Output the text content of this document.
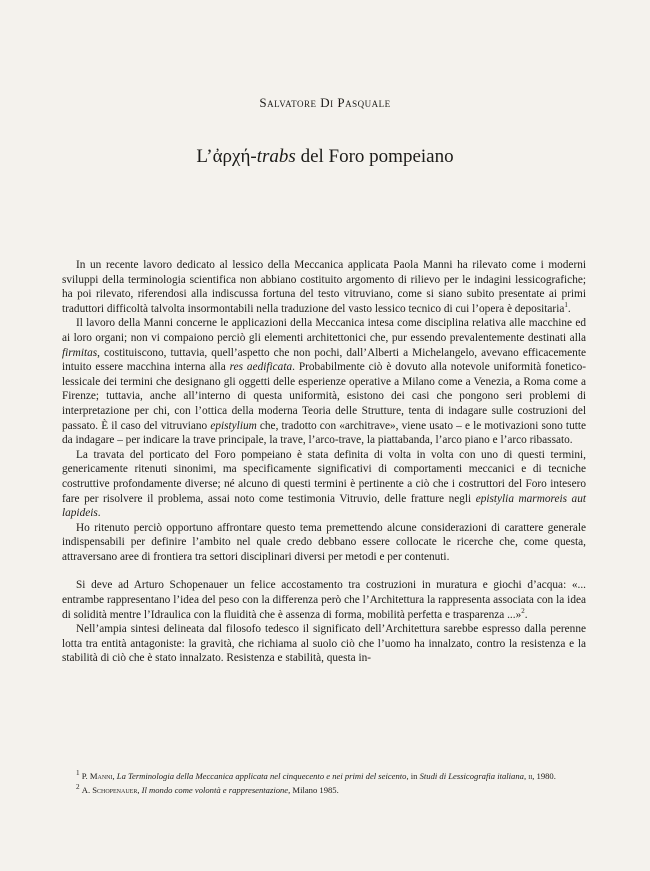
Salvatore Di Pasquale
L’ἀρχή-trabs del Foro pompeiano

In un recente lavoro dedicato al lessico della Meccanica applicata Paola Manni ha rilevato come i moderni sviluppi della terminologia scientifica non abbiano costituito argomento di rilievo per le indagini lessicografiche; ha poi rilevato, riferendosi alla indiscussa fortuna del testo vitruviano, come si siano subito presentate ai primi traduttori difficoltà talvolta insormontabili nella traduzione del vasto lessico tecnico di cui l’opera è depositaria$^1$.

Il lavoro della Manni concerne le applicazioni della Meccanica intesa come disciplina relativa alle macchine ed ai loro organi; non vi compaiono perciò gli elementi architettonici che, pur essendo prevalentemente destinati alla firmitas, costituiscono, tuttavia, quell’aspetto che non pochi, dall’Alberti a Michelangelo, avevano efficacemente intuito essere macchina interna alla res aedificata. Probabilmente ciò è dovuto alla notevole uniformità fonetico-lessicale dei termini che designano gli oggetti delle esperienze operative a Milano come a Venezia, a Roma come a Firenze; tuttavia, anche all’interno di questa uniformità, esistono dei casi che pongono seri problemi di interpretazione per chi, con l’ottica della moderna Teoria delle Strutture, tenta di indagare sulle costruzioni del passato. È il caso del vitruviano epistylium che, tradotto con «architrave», viene usato – e le motivazioni sono tutte da indagare – per indicare la trave principale, la trave, l’arco-trave, la piattabanda, l’arco piano e l’arco ribassato.

La travata del porticato del Foro pompeiano è stata definita di volta in volta con uno di questi termini, genericamente ritenuti sinonimi, ma specificamente significativi di comportamenti meccanici e di tecniche costruttive profondamente diverse; né alcuno di questi termini è pertinente a ciò che i costruttori del Foro intesero fare per risolvere il problema, assai noto come testimonia Vitruvio, delle fratture negli epistylia marmoreis aut lapideis.

Ho ritenuto perciò opportuno affrontare questo tema premettendo alcune considerazioni di carattere generale indispensabili per definire l’ambito nel quale credo debbano essere collocate le ricerche che, come questa, attraversano aree di frontiera tra settori disciplinari diversi per metodi e per contenuti.

Si deve ad Arturo Schopenauer un felice accostamento tra costruzioni in muratura e giochi d’acqua: «... entrambe rappresentano l’idea del peso con la differenza però che l’Architettura la rappresenta associata con la idea di solidità mentre l’Idraulica con la fluidità che è assenza di forma, mobilità perfetta e trasparenza ...»$^2$.

Nell’ampia sintesi delineata dal filosofo tedesco il significato dell’Architettura sarebbe espresso dalla perenne lotta tra entità antagoniste: la gravità, che richiama al suolo ciò che l’uomo ha innalzato, contro la resistenza e la stabilità di ciò che è stato innalzato. Resistenza e stabilità, questa in-

$^1$ P. Manni, La Terminologia della Meccanica applicata nel cinquecento e nei primi del seicento, in Studi di Lessicografia italiana, ii, 1980.

$^2$ A. Schopenauer, Il mondo come volontà e rappresentazione, Milano 1985.
